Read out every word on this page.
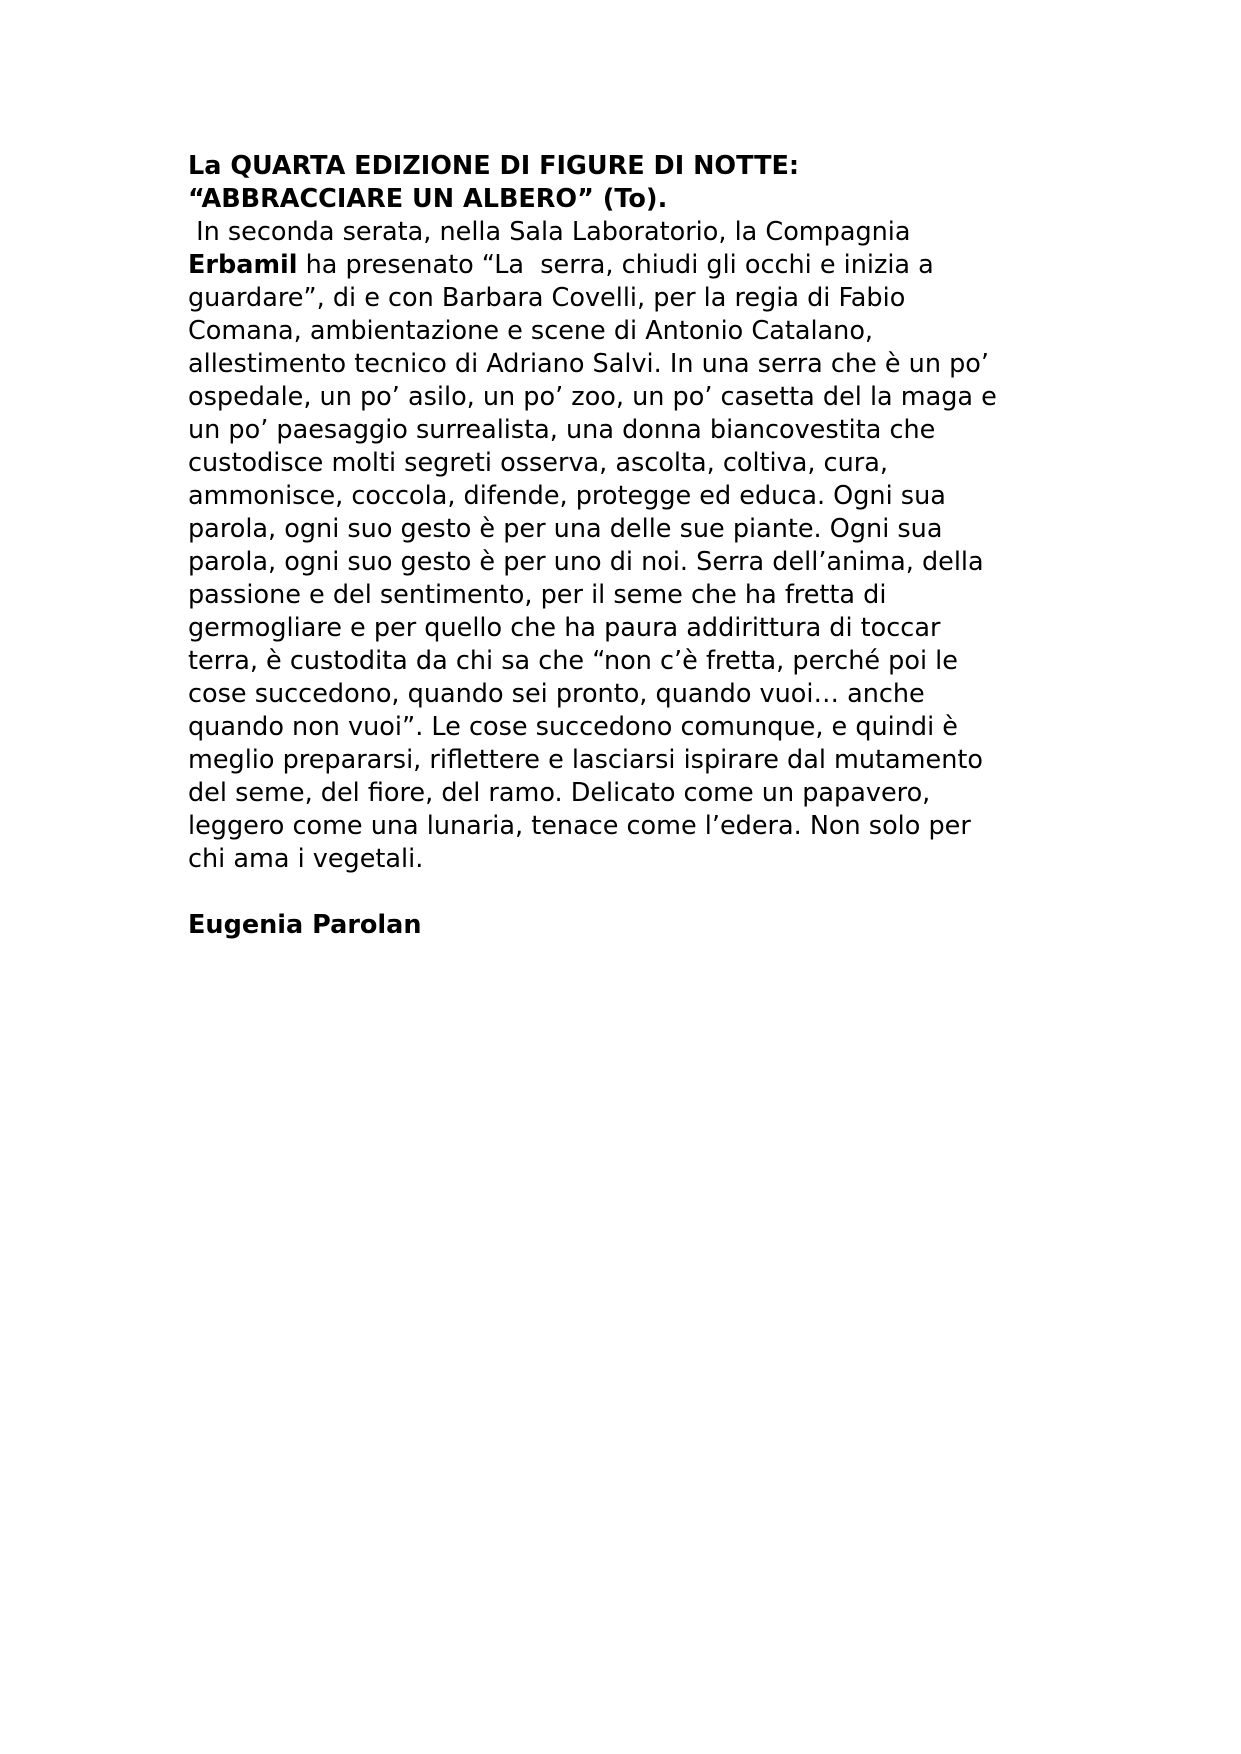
La QUARTA EDIZIONE DI FIGURE DI NOTTE:

“ABBRACCIARE UN ALBERO” (To).

In seconda serata, nella Sala Laboratorio, la Compagnia

Erbamil ha presenato “La  serra, chiudi gli occhi e inizia a

guardare”, di e con Barbara Covelli, per la regia di Fabio

Comana, ambientazione e scene di Antonio Catalano,

allestimento tecnico di Adriano Salvi. In una serra che è un po’

ospedale, un po’ asilo, un po’ zoo, un po’ casetta del la maga e

un po’ paesaggio surrealista, una donna biancovestita che

custodisce molti segreti osserva, ascolta, coltiva, cura,

ammonisce, coccola, difende, protegge ed educa. Ogni sua

parola, ogni suo gesto è per una delle sue piante. Ogni sua

parola, ogni suo gesto è per uno di noi. Serra dell’anima, della

passione e del sentimento, per il seme che ha fretta di

germogliare e per quello che ha paura addirittura di toccar

terra, è custodita da chi sa che “non c’è fretta, perché poi le

cose succedono, quando sei pronto, quando vuoi… anche

quando non vuoi”. Le cose succedono comunque, e quindi è

meglio prepararsi, riflettere e lasciarsi ispirare dal mutamento

del seme, del fiore, del ramo. Delicato come un papavero,

leggero come una lunaria, tenace come l’edera. Non solo per

chi ama i vegetali.

Eugenia Parolan
